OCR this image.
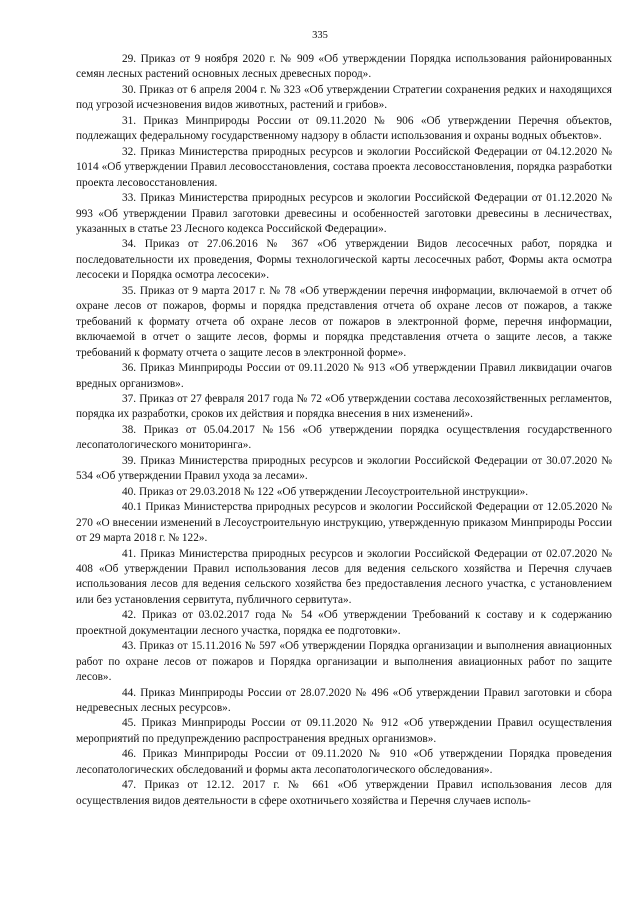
335

29. Приказ от 9 ноября 2020 г. № 909 «Об утверждении Порядка использования районированных семян лесных растений основных лесных древесных пород».

30. Приказ от 6 апреля 2004 г. № 323 «Об утверждении Стратегии сохранения редких и находящихся под угрозой исчезновения видов животных, растений и грибов».

31. Приказ Минприроды России от 09.11.2020 № 906 «Об утверждении Перечня объектов, подлежащих федеральному государственному надзору в области использования и охраны водных объектов».

32. Приказ Министерства природных ресурсов и экологии Российской Федерации от 04.12.2020 № 1014 «Об утверждении Правил лесовосстановления, состава проекта лесовосстановления, порядка разработки проекта лесовосстановления.

33. Приказ Министерства природных ресурсов и экологии Российской Федерации от 01.12.2020 № 993 «Об утверждении Правил заготовки древесины и особенностей заготовки древесины в лесничествах, указанных в статье 23 Лесного кодекса Российской Федерации».

34. Приказ от 27.06.2016 № 367 «Об утверждении Видов лесосечных работ, порядка и последовательности их проведения, Формы технологической карты лесосечных работ, Формы акта осмотра лесосеки и Порядка осмотра лесосеки».

35. Приказ от 9 марта 2017 г. № 78 «Об утверждении перечня информации, включаемой в отчет об охране лесов от пожаров, формы и порядка представления отчета об охране лесов от пожаров, а также требований к формату отчета об охране лесов от пожаров в электронной форме, перечня информации, включаемой в отчет о защите лесов, формы и порядка представления отчета о защите лесов, а также требований к формату отчета о защите лесов в электронной форме».

36. Приказ Минприроды России от 09.11.2020 № 913 «Об утверждении Правил ликвидации очагов вредных организмов».

37. Приказ от 27 февраля 2017 года № 72 «Об утверждении состава лесохозяйственных регламентов, порядка их разработки, сроков их действия и порядка внесения в них изменений».

38. Приказ от 05.04.2017 №156 «Об утверждении порядка осуществления государственного лесопатологического мониторинга».

39. Приказ Министерства природных ресурсов и экологии Российской Федерации от 30.07.2020 № 534 «Об утверждении Правил ухода за лесами».

40. Приказ от 29.03.2018 № 122 «Об утверждении Лесоустроительной инструкции».

40.1 Приказ Министерства природных ресурсов и экологии Российской Федерации от 12.05.2020 № 270 «О внесении изменений в Лесоустроительную инструкцию, утвержденную приказом Минприроды России от 29 марта 2018 г. № 122».

41. Приказ Министерства природных ресурсов и экологии Российской Федерации от 02.07.2020 № 408 «Об утверждении Правил использования лесов для ведения сельского хозяйства и Перечня случаев использования лесов для ведения сельского хозяйства без предоставления лесного участка, с установлением или без установления сервитута, публичного сервитута».

42. Приказ от 03.02.2017 года № 54 «Об утверждении Требований к составу и к содержанию проектной документации лесного участка, порядка ее подготовки».

43. Приказ от 15.11.2016 № 597 «Об утверждении Порядка организации и выполнения авиационных работ по охране лесов от пожаров и Порядка организации и выполнения авиационных работ по защите лесов».

44. Приказ Минприроды России от 28.07.2020 № 496 «Об утверждении Правил заготовки и сбора недревесных лесных ресурсов».

45. Приказ Минприроды России от 09.11.2020 № 912 «Об утверждении Правил осуществления мероприятий по предупреждению распространения вредных организмов».

46. Приказ Минприроды России от 09.11.2020 № 910 «Об утверждении Порядка проведения лесопатологических обследований и формы акта лесопатологического обследования».

47. Приказ от 12.12. 2017 г. № 661 «Об утверждении Правил использования лесов для осуществления видов деятельности в сфере охотничьего хозяйства и Перечня случаев исполь-
